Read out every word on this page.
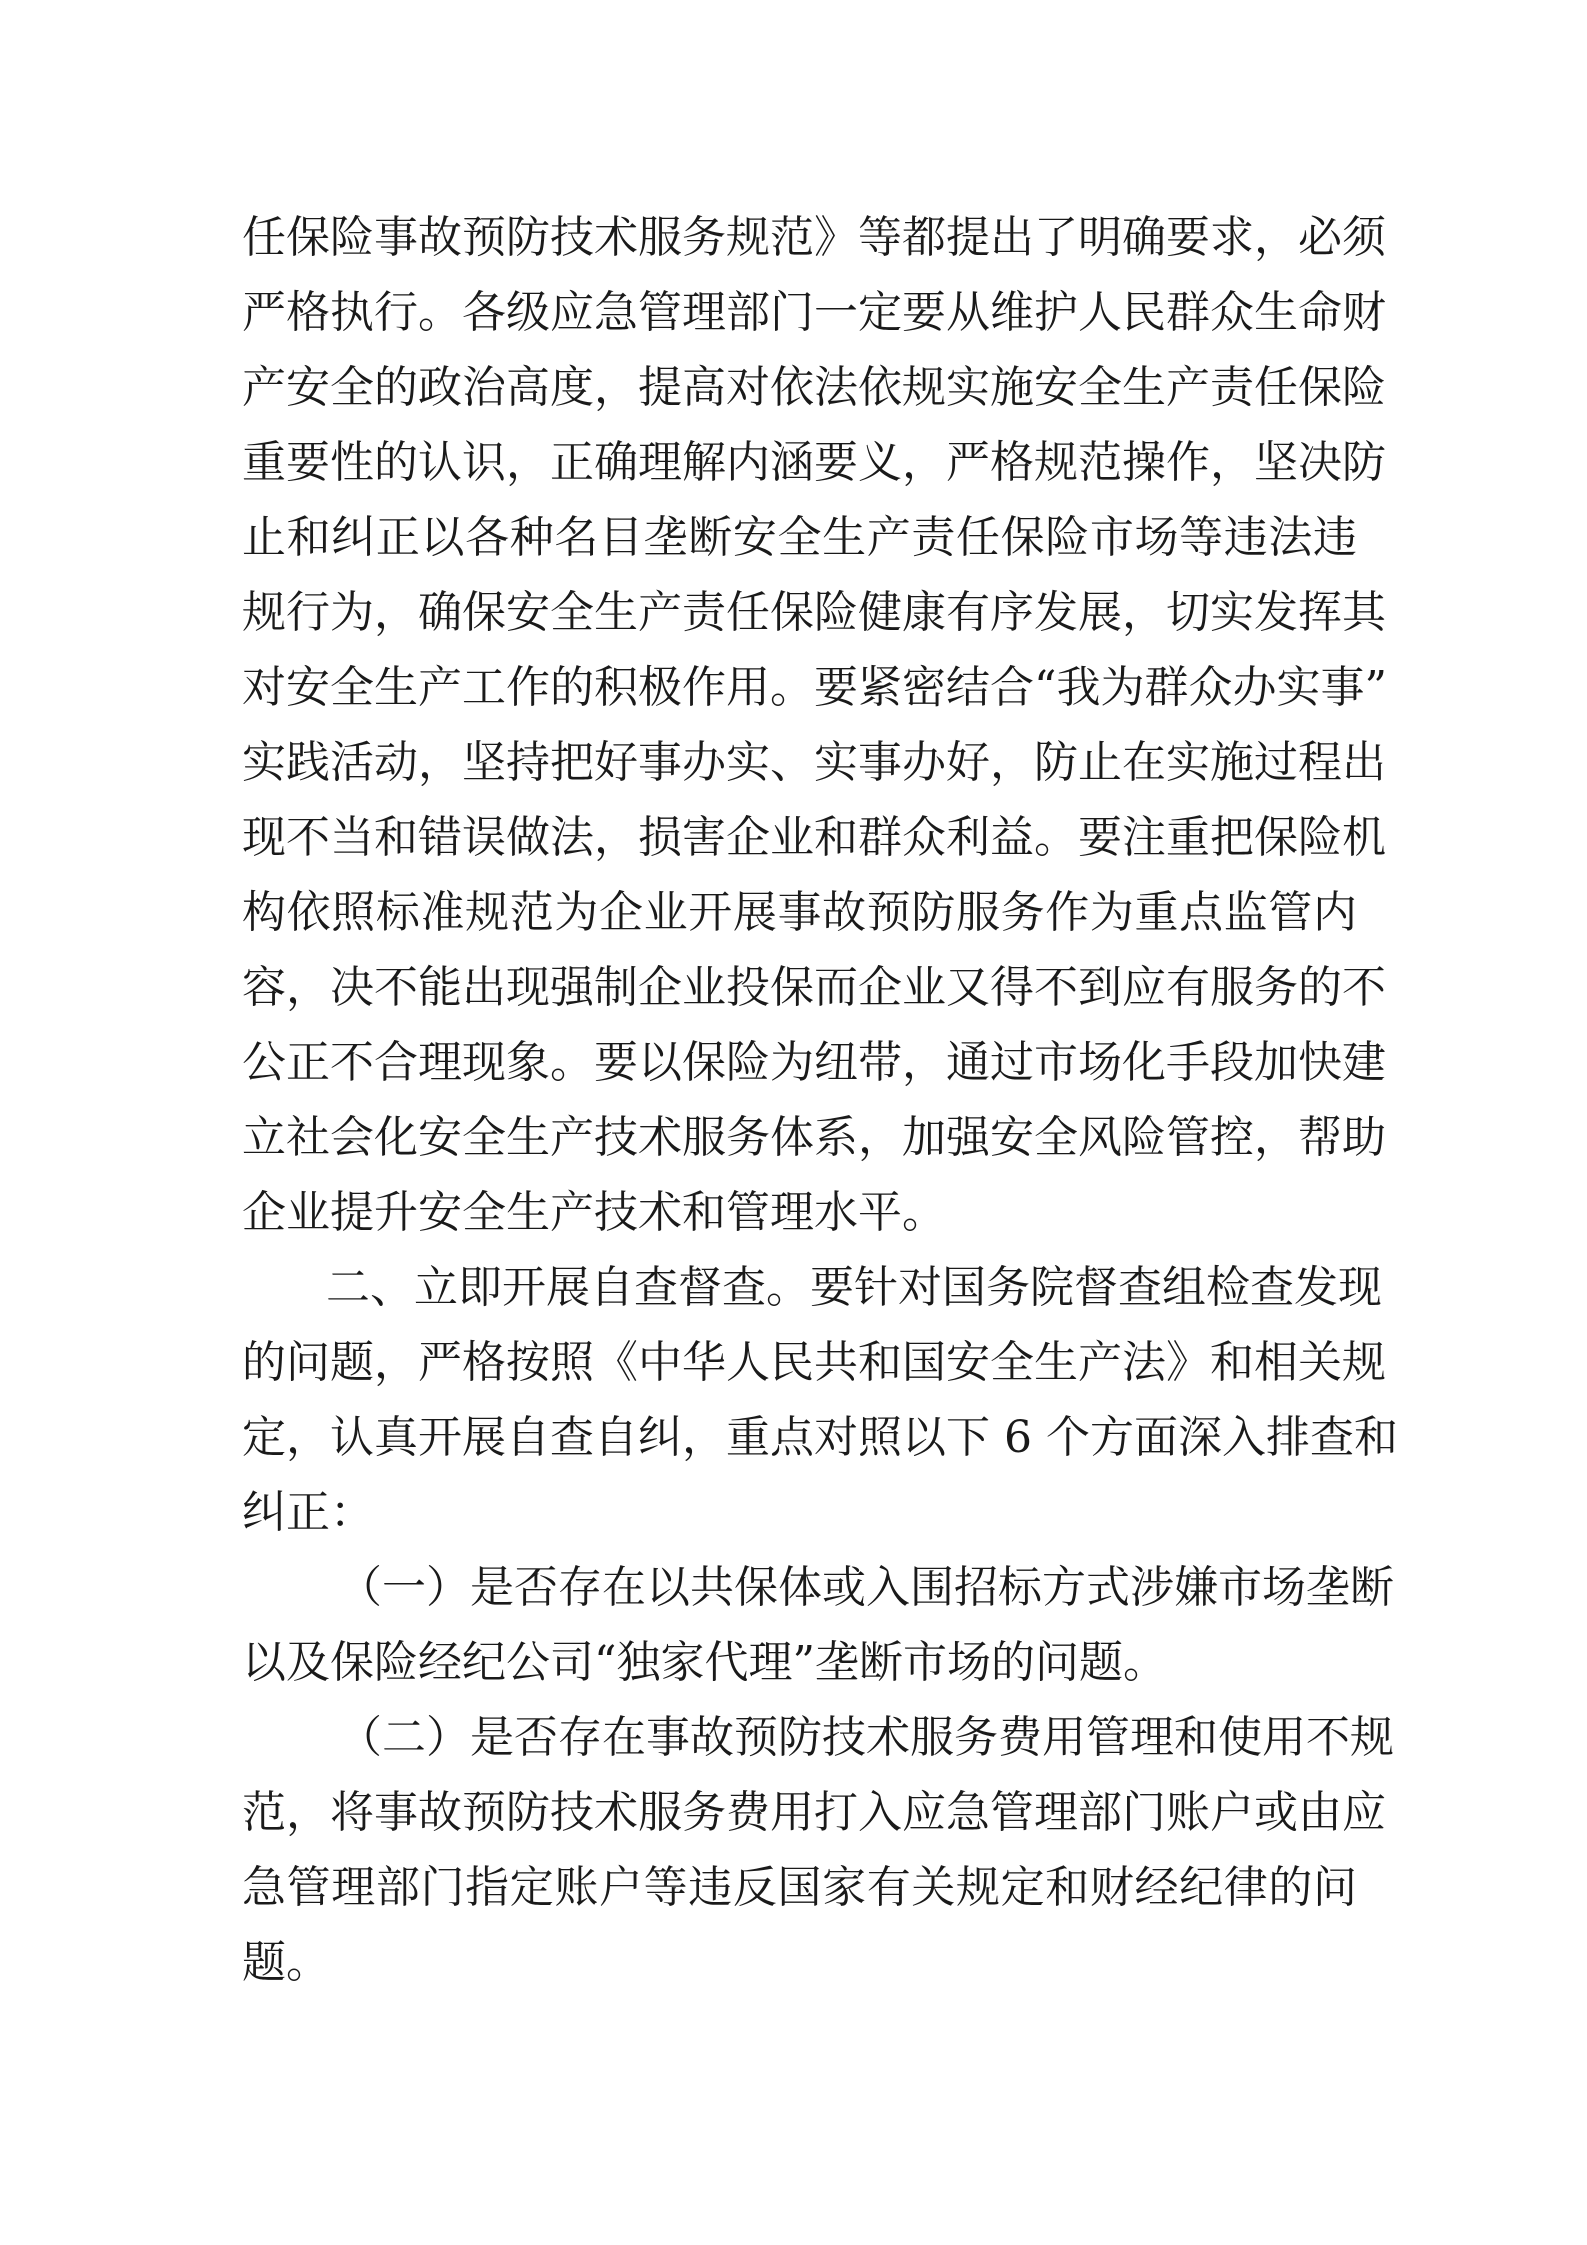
任保险事故预防技术服务规范》等都提出了明确要求，必须
严格执行。各级应急管理部门一定要从维护人民群众生命财
产安全的政治高度，提高对依法依规实施安全生产责任保险
重要性的认识，正确理解内涵要义，严格规范操作，坚决防
止和纠正以各种名目垄断安全生产责任保险市场等违法违
规行为，确保安全生产责任保险健康有序发展，切实发挥其
对安全生产工作的积极作用。要紧密结合“我为群众办实事”
实践活动，坚持把好事办实、实事办好，防止在实施过程出
现不当和错误做法，损害企业和群众利益。要注重把保险机
构依照标准规范为企业开展事故预防服务作为重点监管内
容，决不能出现强制企业投保而企业又得不到应有服务的不
公正不合理现象。要以保险为纽带，通过市场化手段加快建
立社会化安全生产技术服务体系，加强安全风险管控，帮助
企业提升安全生产技术和管理水平。
二、立即开展自查督查。要针对国务院督查组检查发现
的问题，严格按照《中华人民共和国安全生产法》和相关规
定，认真开展自查自纠，重点对照以下 6 个方面深入排查和
纠正：
（一）是否存在以共保体或入围招标方式涉嫌市场垄断
以及保险经纪公司“独家代理”垄断市场的问题。
（二）是否存在事故预防技术服务费用管理和使用不规
范，将事故预防技术服务费用打入应急管理部门账户或由应
急管理部门指定账户等违反国家有关规定和财经纪律的问
题。
